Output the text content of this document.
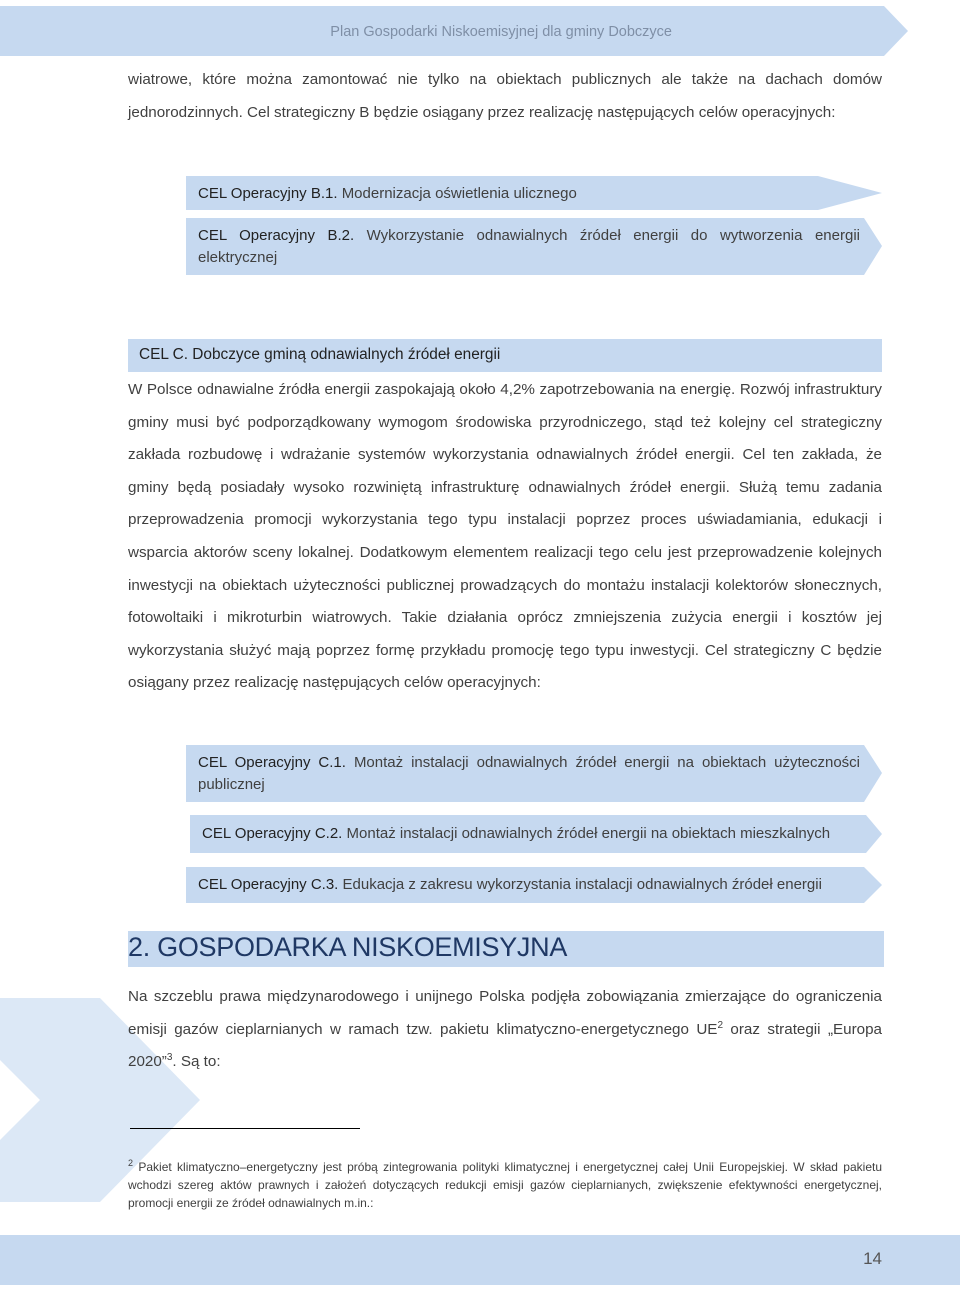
Plan Gospodarki Niskoemisyjnej dla gminy Dobczyce

wiatrowe, które można zamontować nie tylko na obiektach publicznych ale także na dachach domów jednorodzinnych. Cel strategiczny B będzie osiągany przez realizację następujących celów operacyjnych:

CEL Operacyjny B.1. Modernizacja oświetlenia ulicznego
CEL Operacyjny B.2. Wykorzystanie odnawialnych źródeł energii do wytworzenia energii elektrycznej
CEL C. Dobczyce gminą odnawialnych źródeł energii

W Polsce odnawialne źródła energii zaspokajają około 4,2% zapotrzebowania na energię. Rozwój infrastruktury gminy musi być podporządkowany wymogom środowiska przyrodniczego, stąd też kolejny cel strategiczny zakłada rozbudowę i wdrażanie systemów wykorzystania odnawialnych źródeł energii. Cel ten zakłada, że gminy będą posiadały wysoko rozwiniętą infrastrukturę odnawialnych źródeł energii. Służą temu zadania przeprowadzenia promocji wykorzystania tego typu instalacji poprzez proces uświadamiania, edukacji i wsparcia aktorów sceny lokalnej. Dodatkowym elementem realizacji tego celu jest przeprowadzenie kolejnych inwestycji na obiektach użyteczności publicznej prowadzących do montażu instalacji kolektorów słonecznych, fotowoltaiki i mikroturbin wiatrowych. Takie działania oprócz zmniejszenia zużycia energii i kosztów jej wykorzystania służyć mają poprzez formę przykładu promocję tego typu inwestycji. Cel strategiczny C będzie osiągany przez realizację następujących celów operacyjnych:

CEL Operacyjny C.1. Montaż instalacji odnawialnych źródeł energii na obiektach użyteczności publicznej
CEL Operacyjny C.2. Montaż instalacji odnawialnych źródeł energii na obiektach mieszkalnych
CEL Operacyjny C.3. Edukacja z zakresu wykorzystania instalacji odnawialnych źródeł energii
2. GOSPODARKA NISKOEMISYJNA

Na szczeblu prawa międzynarodowego i unijnego Polska podjęła zobowiązania zmierzające do ograniczenia emisji gazów cieplarnianych w ramach tzw. pakietu klimatyczno-energetycznego $UE^2$ oraz strategii „Europa 2020”$^3$. Są to:

$^2$ Pakiet klimatyczno–energetyczny jest próbą zintegrowania polityki klimatycznej i energetycznej całej Unii Europejskiej. W skład pakietu wchodzi szereg aktów prawnych i założeń dotyczących redukcji emisji gazów cieplarnianych, zwiększenie efektywności energetycznej, promocji energii ze źródeł odnawialnych m.in.:
14
